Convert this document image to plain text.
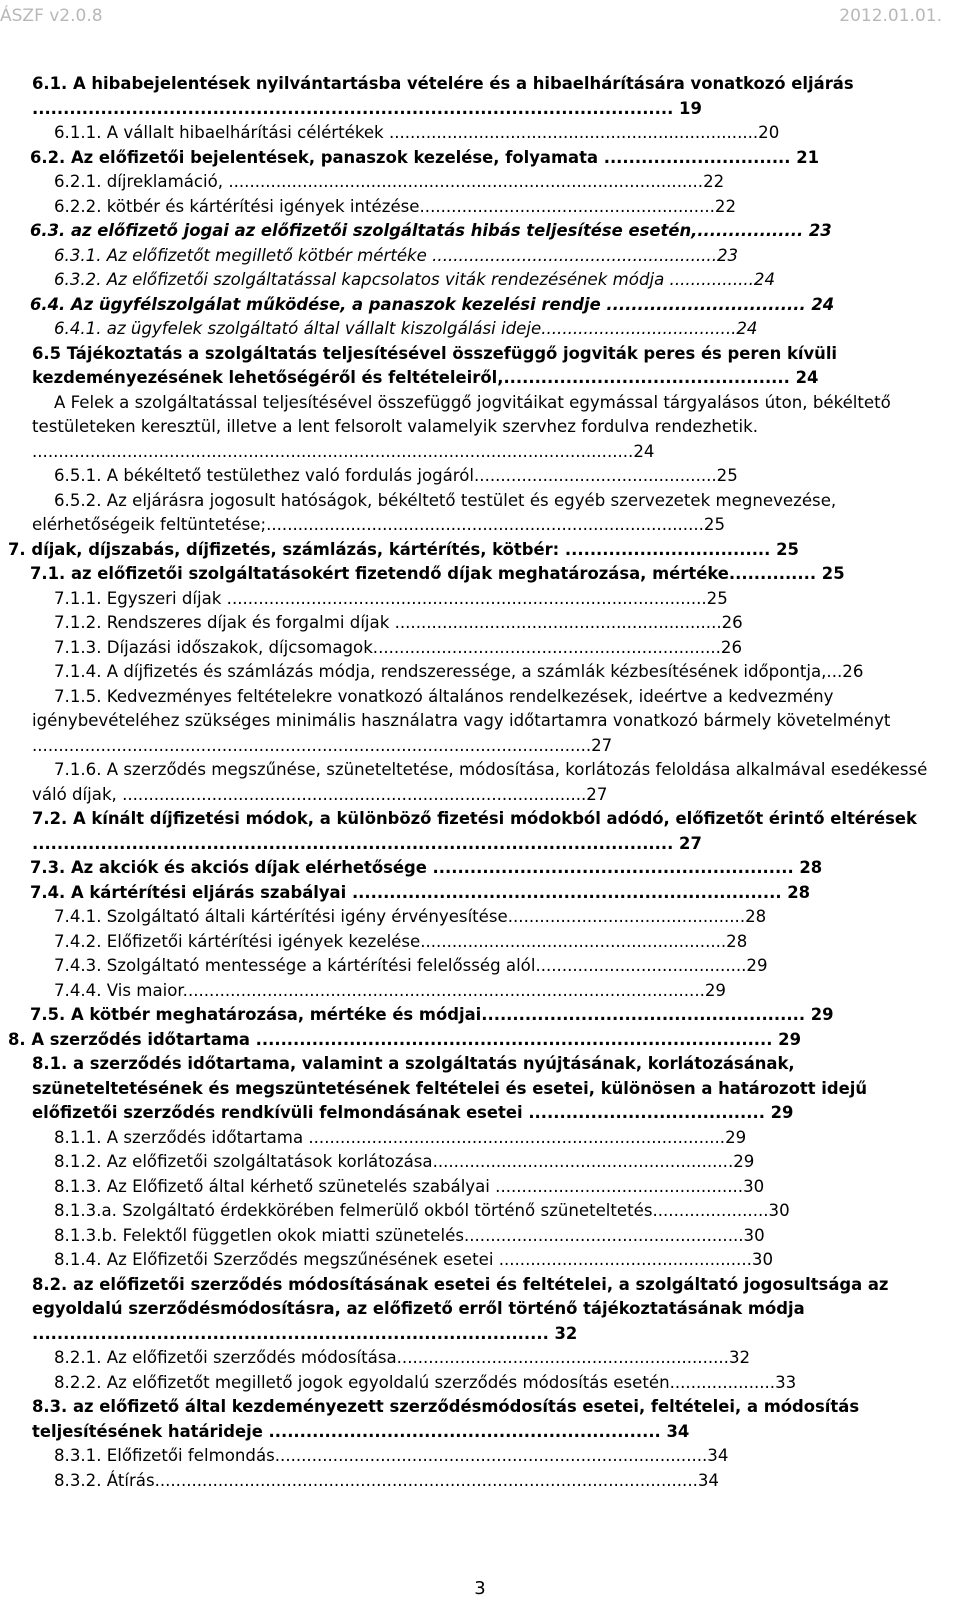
ÁSZF v2.0.8	2012.01.01.
6.1. A hibabejelentések nyilvántartásba vételére és a hibaelhárítására vonatkozó eljárás ....................................................................................................... 19
6.1.1. A vállalt hibaelhárítási célértékek ......................................................................20
6.2. Az előfizetői bejelentések, panaszok kezelése, folyamata .............................. 21
6.2.1. díjreklamáció, ..........................................................................................22
6.2.2. kötbér és kártérítési igények intézése........................................................22
6.3. az előfizető jogai az előfizetői szolgáltatás hibás teljesítése esetén,................. 23
6.3.1. Az előfizetőt megillető kötbér mértéke ......................................................23
6.3.2. Az előfizetői szolgáltatással kapcsolatos viták rendezésének módja ................24
6.4. Az ügyfélszolgálat működése, a panaszok kezelési rendje ................................ 24
6.4.1. az ügyfelek szolgáltató által vállalt kiszolgálási ideje.....................................24
6.5 Tájékoztatás a szolgáltatás teljesítésével összefüggő jogviták peres és peren kívüli kezdeményezésének lehetőségéről és feltételeiről,.............................................. 24
A Felek a szolgáltatással teljesítésével összefüggő jogvitáikat egymással tárgyalásos úton, békéltető testületeken keresztül, illetve a lent felsorolt valamelyik szervhez fordulva rendezhetik. ..................................................................................................................24
6.5.1. A békéltető testülethez való fordulás jogáról..............................................25
6.5.2. Az eljárásra jogosult hatóságok, békéltető testület és egyéb szervezetek megnevezése, elérhetőségeik feltüntetése;...................................................................................25
7. díjak, díjszabás, díjfizetés, számlázás, kártérítés, kötbér: ................................. 25
7.1. az előfizetői szolgáltatásokért fizetendő díjak meghatározása, mértéke.............. 25
7.1.1. Egyszeri díjak ...........................................................................................25
7.1.2. Rendszeres díjak és forgalmi díjak ..............................................................26
7.1.3. Díjazási időszakok, díjcsomagok..................................................................26
7.1.4. A díjfizetés és számlázás módja, rendszeressége, a számlák kézbesítésének időpontja,...26
7.1.5. Kedvezményes feltételekre vonatkozó általános rendelkezések, ideértve a kedvezmény igénybevételéhez szükséges minimális használatra vagy időtartamra vonatkozó bármely követelményt ..........................................................................................................27
7.1.6. A szerződés megszűnése, szüneteltetése, módosítása, korlátozás feloldása alkalmával esedékessé váló díjak, ........................................................................................27
7.2. A kínált díjfizetési módok, a különböző fizetési módokból adódó, előfizetőt érintő eltérések ....................................................................................................... 27
7.3. Az akciók és akciós díjak elérhetősége .......................................................... 28
7.4. A kártérítési eljárás szabályai ..................................................................... 28
7.4.1. Szolgáltató általi kártérítési igény érvényesítése.............................................28
7.4.2. Előfizetői kártérítési igények kezelése..........................................................28
7.4.3. Szolgáltató mentessége a kártérítési felelősség alól........................................29
7.4.4. Vis maior...................................................................................................29
7.5. A kötbér meghatározása, mértéke és módjai.................................................... 29
8. A szerződés időtartama ................................................................................... 29
8.1. a szerződés időtartama, valamint a szolgáltatás nyújtásának, korlátozásának, szüneteltetésének és megszüntetésének feltételei és esetei, különösen a határozott idejű előfizetői szerződés rendkívüli felmondásának esetei ...................................... 29
8.1.1. A szerződés időtartama ...............................................................................29
8.1.2. Az előfizetői szolgáltatások korlátozása.........................................................29
8.1.3. Az Előfizető által kérhető szünetelés szabályai ...............................................30
8.1.3.a. Szolgáltató érdekkörében felmerülő okból történő szüneteltetés......................30
8.1.3.b. Felektől független okok miatti szünetelés.....................................................30
8.1.4. Az Előfizetői Szerződés megszűnésének esetei ................................................30
8.2. az előfizetői szerződés módosításának esetei és feltételei, a szolgáltató jogosultsága az egyoldalú szerződésmódosításra, az előfizető erről történő tájékoztatásának módja ................................................................................... 32
8.2.1. Az előfizetői szerződés módosítása...............................................................32
8.2.2. Az előfizetőt megillető jogok egyoldalú szerződés módosítás esetén....................33
8.3. az előfizető által kezdeményezett szerződésmódosítás esetei, feltételei, a módosítás teljesítésének határideje ............................................................... 34
8.3.1. Előfizetői felmondás..................................................................................34
8.3.2. Átírás.......................................................................................................34
3
